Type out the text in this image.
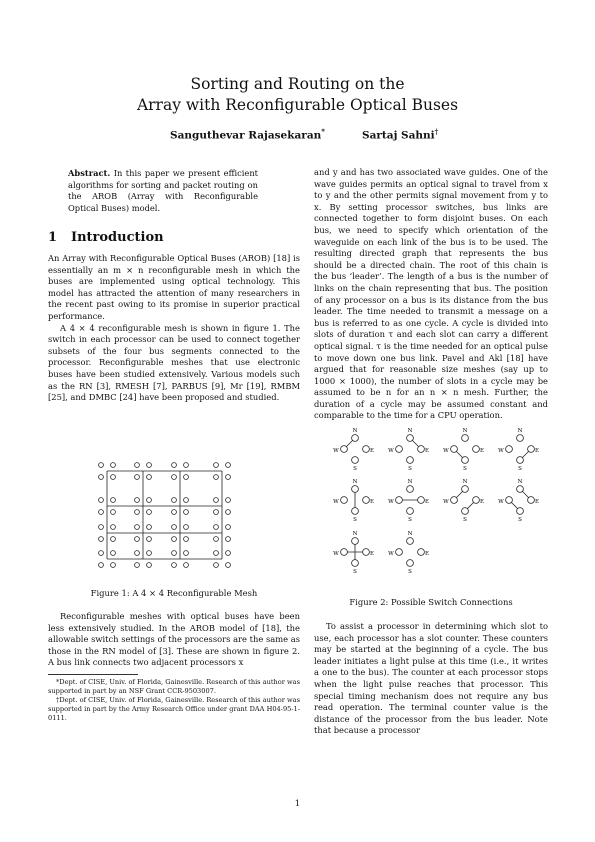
Sorting and Routing on the
Array with Reconfigurable Optical Buses
Sanguthevar Rajasekaran*	Sartaj Sahni†
Abstract. In this paper we present efficient algorithms for sorting and packet routing on the AROB (Array with Reconfigurable Optical Buses) model.
1 Introduction

An Array with Reconfigurable Optical Buses (AROB) [18] is essentially an m × n reconfigurable mesh in which the buses are implemented using optical technology. This model has attracted the attention of many researchers in the recent past owing to its promise in superior practical performance.

A 4 × 4 reconfigurable mesh is shown in figure 1. The switch in each processor can be used to connect together subsets of the four bus segments connected to the processor. Reconfigurable meshes that use electronic buses have been studied extensively. Various models such as the RN [3], RMESH [7], PARBUS [9], Mr [19], RMBM [25], and DMBC [24] have been proposed and studied.

Figure 1: A 4 × 4 Reconfigurable Mesh

Reconfigurable meshes with optical buses have been less extensively studied. In the AROB model of [18], the allowable switch settings of the processors are the same as those in the RN model of [3]. These are shown in figure 2. A bus link connects two adjacent processors x

*Dept. of CISE, Univ. of Florida, Gainesville. Research of this author was supported in part by an NSF Grant CCR-9503007.

†Dept. of CISE, Univ. of Florida, Gainesville. Research of this author was supported in part by the Army Research Office under grant DAA H04-95-1-0111.

and y and has two associated wave guides. One of the wave guides permits an optical signal to travel from x to y and the other permits signal movement from y to x. By setting processor switches, bus links are connected together to form disjoint buses. On each bus, we need to specify which orientation of the waveguide on each link of the bus is to be used. The resulting directed graph that represents the bus should be a directed chain. The root of this chain is the bus ‘leader’. The length of a bus is the number of links on the chain representing that bus. The position of any processor on a bus is its distance from the bus leader. The time needed to transmit a message on a bus is referred to as one cycle. A cycle is divided into slots of duration τ and each slot can carry a different optical signal. τ is the time needed for an optical pulse to move down one bus link. Pavel and Akl [18] have argued that for reasonable size meshes (say up to 1000 × 1000), the number of slots in a cycle may be assumed to be n for an n × n mesh. Further, the duration of a cycle may be assumed constant and comparable to the time for a CPU operation.

N
S
W	E
N
S
W	E
N
S
W	E
N
S
W	E
N
S
W	E
N
S
W	E
N
S
W	E
N
S
W	E
N
S
W	E
N
S
W	E
Figure 2: Possible Switch Connections

To assist a processor in determining which slot to use, each processor has a slot counter. These counters may be started at the beginning of a cycle. The bus leader initiates a light pulse at this time (i.e., it writes a one to the bus). The counter at each processor stops when the light pulse reaches that processor. This special timing mechanism does not require any bus read operation. The terminal counter value is the distance of the processor from the bus leader. Note that because a processor

1
